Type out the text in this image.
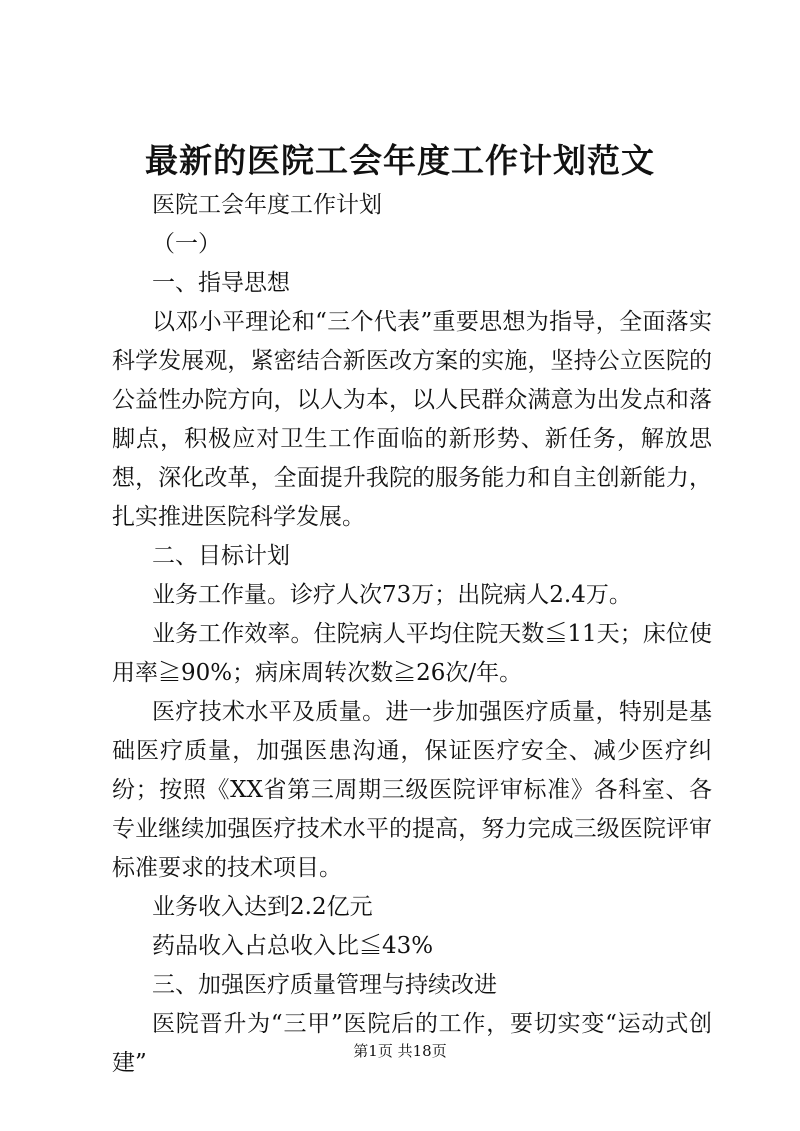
最新的医院工会年度工作计划范文

医院工会年度工作计划

（一）

一、指导思想

以邓小平理论和“三个代表”重要思想为指导，全面落实科学发展观，紧密结合新医改方案的实施，坚持公立医院的公益性办院方向，以人为本，以人民群众满意为出发点和落脚点，积极应对卫生工作面临的新形势、新任务，解放思想，深化改革，全面提升我院的服务能力和自主创新能力，扎实推进医院科学发展。

二、目标计划

业务工作量。诊疗人次73万；出院病人2.4万。

业务工作效率。住院病人平均住院天数≦11天；床位使用率≧90%；病床周转次数≧26次/年。

医疗技术水平及质量。进一步加强医疗质量，特别是基础医疗质量，加强医患沟通，保证医疗安全、减少医疗纠纷；按照《XX省第三周期三级医院评审标准》各科室、各专业继续加强医疗技术水平的提高，努力完成三级医院评审标准要求的技术项目。

业务收入达到2.2亿元

药品收入占总收入比≦43%

三、加强医疗质量管理与持续改进

医院晋升为“三甲”医院后的工作，要切实变“运动式创建”	第1页 共18页
